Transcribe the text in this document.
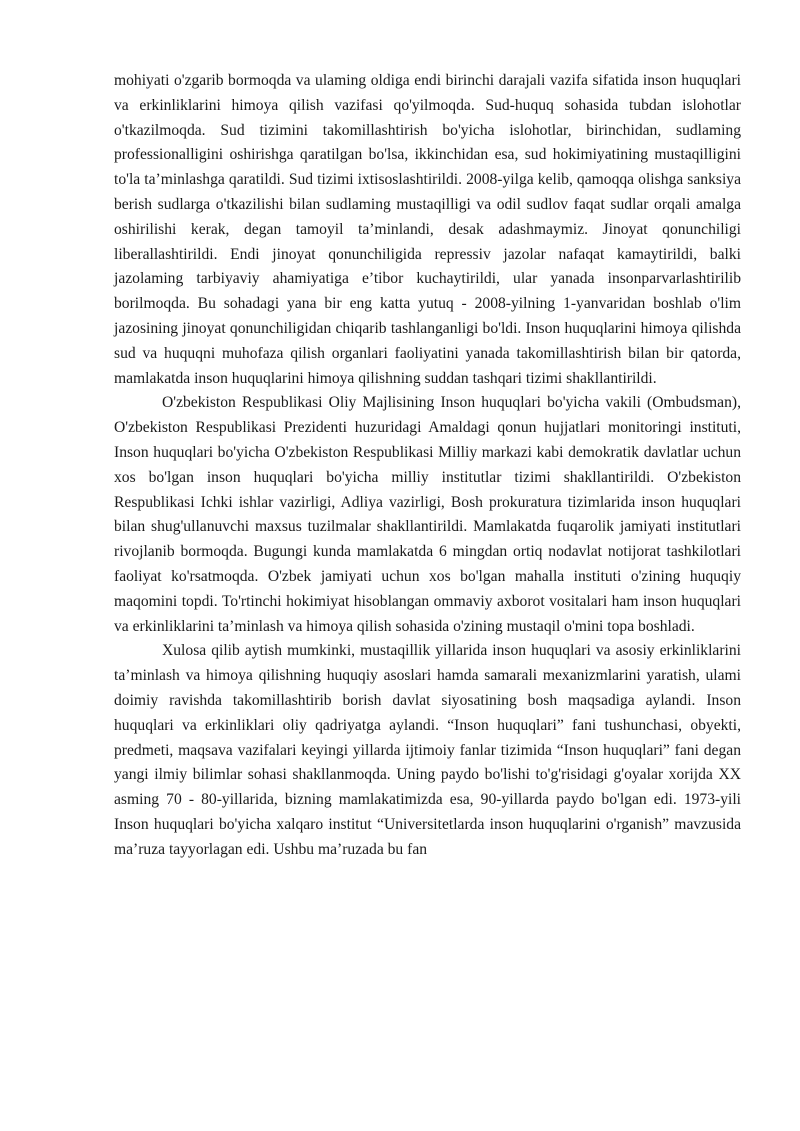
mohiyati o'zgarib bormoqda va ulaming oldiga endi birinchi darajali vazifa sifatida inson huquqlari va erkinliklarini himoya qilish vazifasi qo'yilmoqda. Sud-huquq sohasida tubdan islohotlar o'tkazilmoqda. Sud tizimini takomillashtirish bo'yicha islohotlar, birinchidan, sudlaming professionalligini oshirishga qaratilgan bo'lsa, ikkinchidan esa, sud hokimiyatining mustaqilligini to'la ta’minlashga qaratildi. Sud tizimi ixtisoslashtirildi. 2008-yilga kelib, qamoqqa olishga sanksiya berish sudlarga o'tkazilishi bilan sudlaming mustaqilligi va odil sudlov faqat sudlar orqali amalga oshirilishi kerak, degan tamoyil ta’minlandi, desak adashmaymiz. Jinoyat qonunchiligi liberallashtirildi. Endi jinoyat qonunchiligida repressiv jazolar nafaqat kamaytirildi, balki jazolaming tarbiyaviy ahamiyatiga e’tibor kuchaytirildi, ular yanada insonparvarlashtirilib borilmoqda. Bu sohadagi yana bir eng katta yutuq - 2008-yilning 1-yanvaridan boshlab o'lim jazosining jinoyat qonunchiligidan chiqarib tashlanganligi bo'ldi. Inson huquqlarini himoya qilishda sud va huquqni muhofaza qilish organlari faoliyatini yanada takomillashtirish bilan bir qatorda, mamlakatda inson huquqlarini himoya qilishning suddan tashqari tizimi shakllantirildi.

O'zbekiston Respublikasi Oliy Majlisining Inson huquqlari bo'yicha vakili (Ombudsman), O'zbekiston Respublikasi Prezidenti huzuridagi Amaldagi qonun hujjatlari monitoringi instituti, Inson huquqlari bo'yicha O'zbekiston Respublikasi Milliy markazi kabi demokratik davlatlar uchun xos bo'lgan inson huquqlari bo'yicha milliy institutlar tizimi shakllantirildi. O'zbekiston Respublikasi Ichki ishlar vazirligi, Adliya vazirligi, Bosh prokuratura tizimlarida inson huquqlari bilan shug'ullanuvchi maxsus tuzilmalar shakllantirildi. Mamlakatda fuqarolik jamiyati institutlari rivojlanib bormoqda. Bugungi kunda mamlakatda 6 mingdan ortiq nodavlat notijorat tashkilotlari faoliyat ko'rsatmoqda. O'zbek jamiyati uchun xos bo'lgan mahalla instituti o'zining huquqiy maqomini topdi. To'rtinchi hokimiyat hisoblangan ommaviy axborot vositalari ham inson huquqlari va erkinliklarini ta’minlash va himoya qilish sohasida o'zining mustaqil o'mini topa boshladi.

Xulosa qilib aytish mumkinki, mustaqillik yillarida inson huquqlari va asosiy erkinliklarini ta’minlash va himoya qilishning huquqiy asoslari hamda samarali mexanizmlarini yaratish, ulami doimiy ravishda takomillashtirib borish davlat siyosatining bosh maqsadiga aylandi. Inson huquqlari va erkinliklari oliy qadriyatga aylandi. “Inson huquqlari” fani tushunchasi, obyekti, predmeti, maqsava vazifalari keyingi yillarda ijtimoiy fanlar tizimida “Inson huquqlari” fani degan yangi ilmiy bilimlar sohasi shakllanmoqda. Uning paydo bo'lishi to'g'risidagi g'oyalar xorijda XX asming 70 - 80-yillarida, bizning mamlakatimizda esa, 90-yillarda paydo bo'lgan edi. 1973-yili Inson huquqlari bo'yicha xalqaro institut “Universitetlarda inson huquqlarini o'rganish” mavzusida ma’ruza tayyorlagan edi. Ushbu ma’ruzada bu fan
